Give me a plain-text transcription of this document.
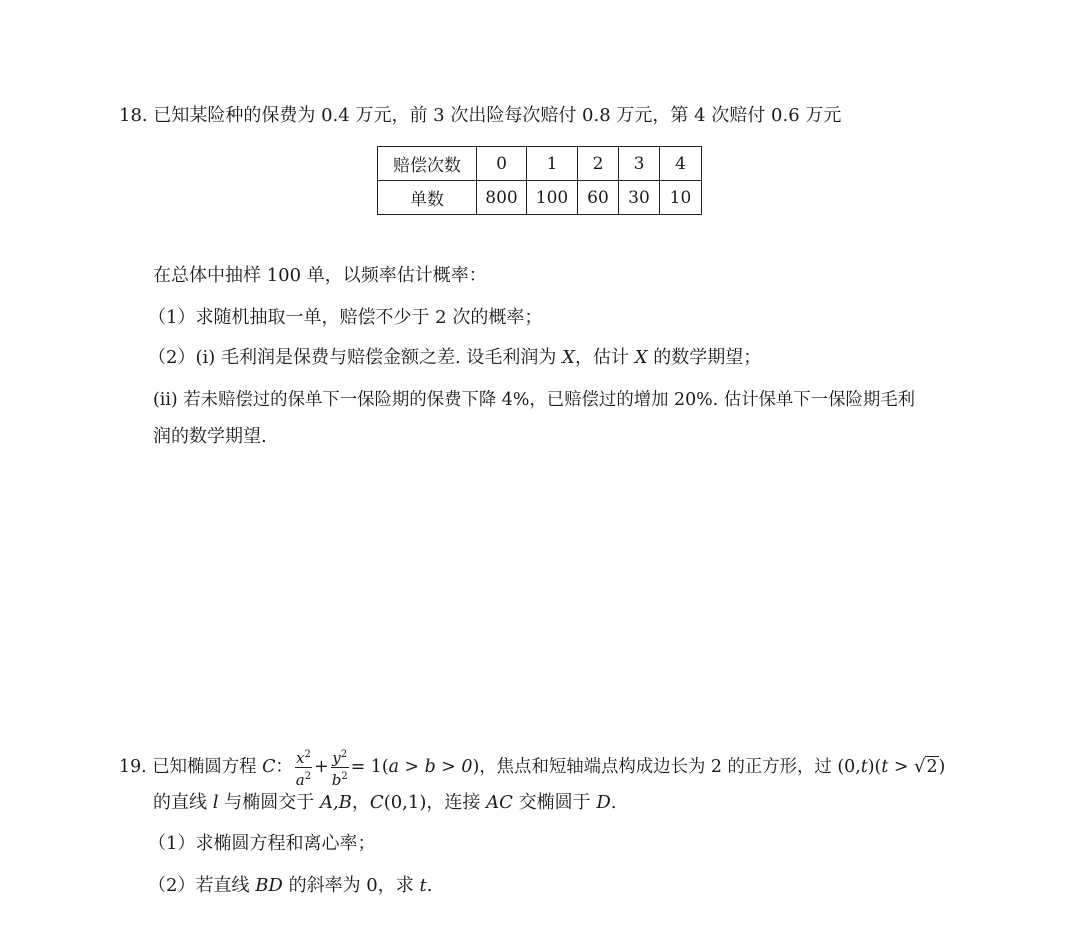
18. 已知某险种的保费为 0.4 万元，前 3 次出险每次赔付 0.8 万元，第 4 次赔付 0.6 万元
赔偿次数	0	1	2	3	4
单数	800	100	60	30	10
在总体中抽样 100 单，以频率估计概率：
（1）求随机抽取一单，赔偿不少于 2 次的概率；
（2）(i) 毛利润是保费与赔偿金额之差. 设毛利润为 X，估计 X 的数学期望；
(ii) 若未赔偿过的保单下一保险期的保费下降 4%，已赔偿过的增加 20%. 估计保单下一保险期毛利
润的数学期望.
19. 已知椭圆方程 C： $\frac{x^2}{a^2} + \frac{y^2}{b^2} = 1(a > b > 0)$，焦点和短轴端点构成边长为 2 的正方形，过 (0,t)(t > √2)
的直线 l 与椭圆交于 A,B，C(0,1)，连接 AC 交椭圆于 D.
（1）求椭圆方程和离心率；
（2）若直线 BD 的斜率为 0，求 t.
